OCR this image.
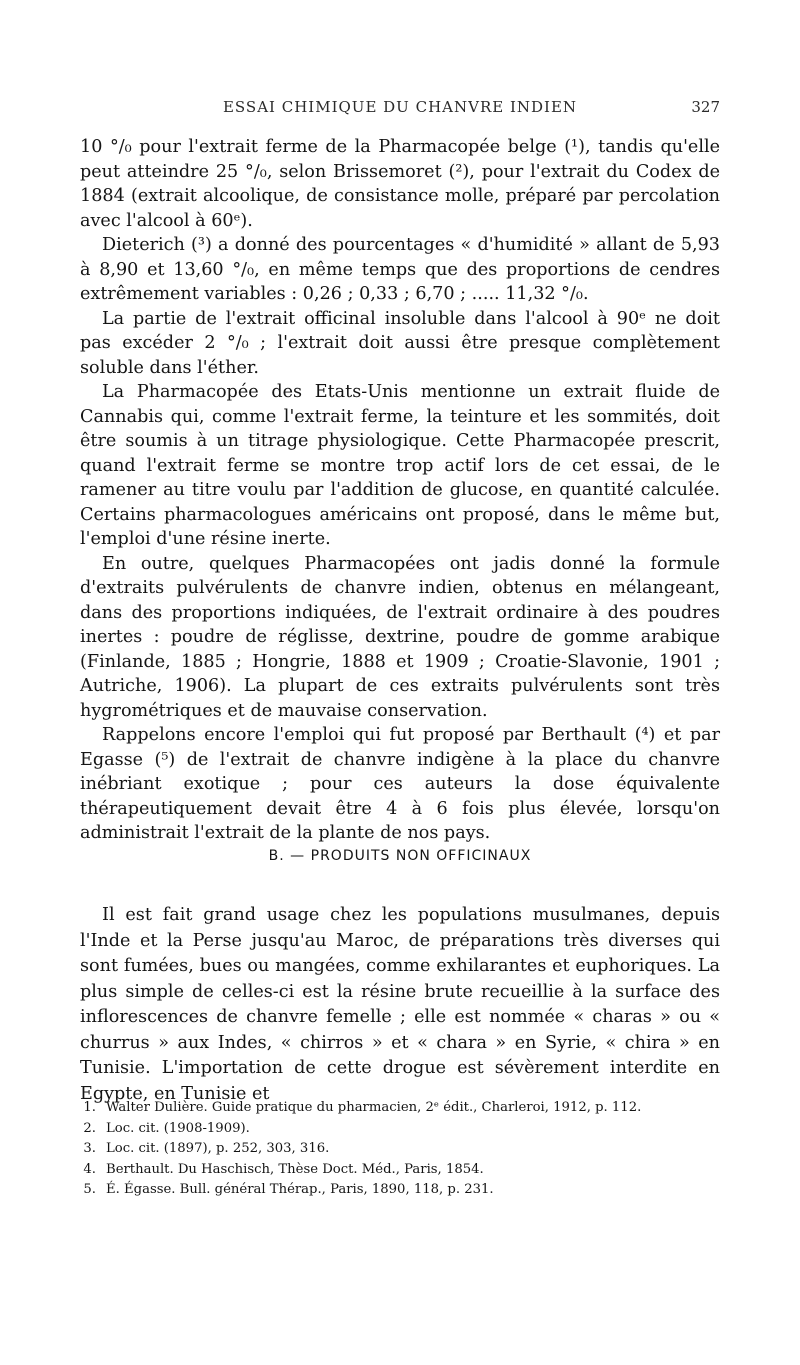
ESSAI CHIMIQUE DU CHANVRE INDIEN	327

10 °/₀ pour l'extrait ferme de la Pharmacopée belge (¹), tandis qu'elle peut atteindre 25 °/₀, selon Brissemoret (²), pour l'extrait du Codex de 1884 (extrait alcoolique, de consistance molle, préparé par percolation avec l'alcool à 60ᵉ).

Dieterich (³) a donné des pourcentages « d'humidité » allant de 5,93 à 8,90 et 13,60 °/₀, en même temps que des proportions de cendres extrêmement variables : 0,26 ; 0,33 ; 6,70 ; ..... 11,32 °/₀.

La partie de l'extrait officinal insoluble dans l'alcool à 90ᵉ ne doit pas excéder 2 °/₀ ; l'extrait doit aussi être presque complètement soluble dans l'éther.

La Pharmacopée des Etats-Unis mentionne un extrait fluide de Cannabis qui, comme l'extrait ferme, la teinture et les sommités, doit être soumis à un titrage physiologique. Cette Pharmacopée prescrit, quand l'extrait ferme se montre trop actif lors de cet essai, de le ramener au titre voulu par l'addition de glucose, en quantité calculée. Certains pharmacologues américains ont proposé, dans le même but, l'emploi d'une résine inerte.

En outre, quelques Pharmacopées ont jadis donné la formule d'extraits pulvérulents de chanvre indien, obtenus en mélangeant, dans des proportions indiquées, de l'extrait ordinaire à des poudres inertes : poudre de réglisse, dextrine, poudre de gomme arabique (Finlande, 1885 ; Hongrie, 1888 et 1909 ; Croatie-Slavonie, 1901 ; Autriche, 1906). La plupart de ces extraits pulvérulents sont très hygrométriques et de mauvaise conservation.

Rappelons encore l'emploi qui fut proposé par Berthault (⁴) et par Egasse (⁵) de l'extrait de chanvre indigène à la place du chanvre inébriant exotique ; pour ces auteurs la dose équivalente thérapeutiquement devait être 4 à 6 fois plus élevée, lorsqu'on administrait l'extrait de la plante de nos pays.

B. — PRODUITS NON OFFICINAUX

Il est fait grand usage chez les populations musulmanes, depuis l'Inde et la Perse jusqu'au Maroc, de préparations très diverses qui sont fumées, bues ou mangées, comme exhilarantes et euphoriques. La plus simple de celles-ci est la résine brute recueillie à la surface des inflorescences de chanvre femelle ; elle est nommée « charas » ou « churrus » aux Indes, « chirros » et « chara » en Syrie, « chira » en Tunisie. L'importation de cette drogue est sévèrement interdite en Egypte, en Tunisie et

1. Walter Dulière. Guide pratique du pharmacien, 2ᵉ édit., Charleroi, 1912, p. 112.
2. Loc. cit. (1908-1909).
3. Loc. cit. (1897), p. 252, 303, 316.
4. Berthault. Du Haschisch, Thèse Doct. Méd., Paris, 1854.
5. É. Égasse. Bull. général Thérap., Paris, 1890, 118, p. 231.
